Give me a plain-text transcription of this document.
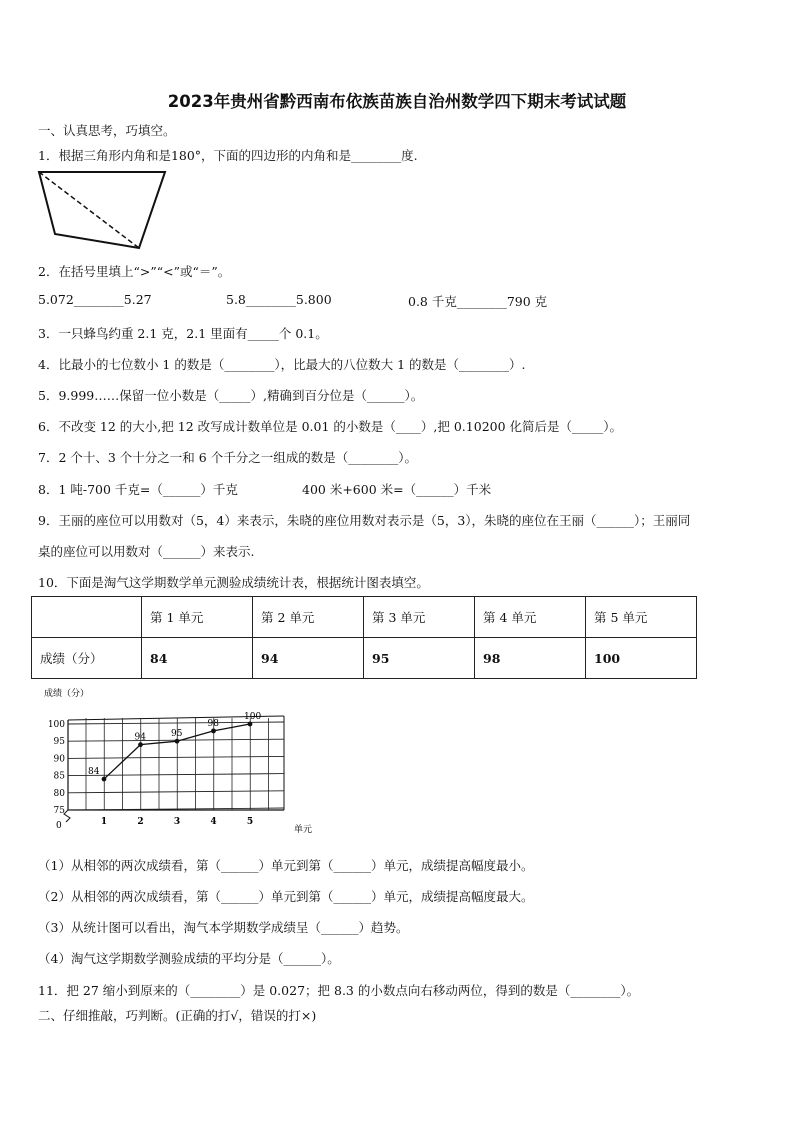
2023年贵州省黔西南布依族苗族自治州数学四下期末考试试题
一、认真思考，巧填空。
1．根据三角形内角和是180°，下面的四边形的内角和是________度.
2．在括号里填上“>”“<”或“＝”。
5.072________5.27	5.8________5.800	0.8 千克________790 克
3．一只蜂鸟约重 2.1 克，2.1 里面有_____个 0.1。
4．比最小的七位数小 1 的数是（________），比最大的八位数大 1 的数是（________）.
5．9.999……保留一位小数是（_____）,精确到百分位是（______）。
6．不改变 12 的大小,把 12 改写成计数单位是 0.01 的小数是（____）,把 0.10200 化简后是（_____）。
7．2 个十、3 个十分之一和 6 个千分之一组成的数是（________）。
8．1 吨-700 千克=（______）千克	400 米+600 米=（______）千米
9．王丽的座位可以用数对（5，4）来表示，朱晓的座位用数对表示是（5，3），朱晓的座位在王丽（______）；王丽同
桌的座位可以用数对（______）来表示.
10．下面是淘气这学期数学单元测验成绩统计表，根据统计图表填空。
	第 1 单元	第 2 单元	第 3 单元	第 4 单元	第 5 单元
成绩（分）	84	94	95	98	100
成绩（分）
单元
0
75
80
85
90
95
100
1	2	3	4	5
84
94	95
98
100
（1）从相邻的两次成绩看，第（______）单元到第（______）单元，成绩提高幅度最小。
（2）从相邻的两次成绩看，第（______）单元到第（______）单元，成绩提高幅度最大。
（3）从统计图可以看出，淘气本学期数学成绩呈（______）趋势。
（4）淘气这学期数学测验成绩的平均分是（______）。
11．把 27 缩小到原来的（________）是 0.027；把 8.3 的小数点向右移动两位，得到的数是（________）。
二、仔细推敲，巧判断。(正确的打√，错误的打×)
